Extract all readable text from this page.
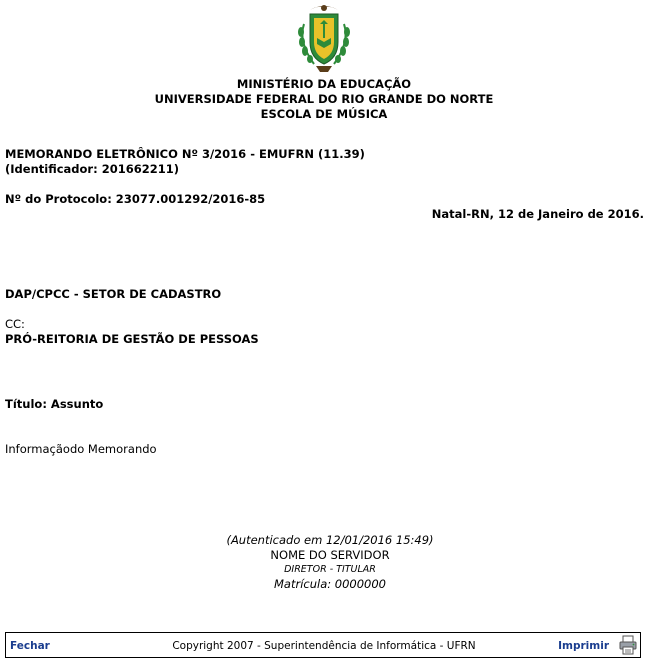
MINISTÉRIO DA EDUCAÇÃO
UNIVERSIDADE FEDERAL DO RIO GRANDE DO NORTE
ESCOLA DE MÚSICA
MEMORANDO ELETRÔNICO Nº 3/2016 - EMUFRN (11.39)
(Identificador: 201662211)
Nº do Protocolo: 23077.001292/2016-85
Natal-RN, 12 de Janeiro de 2016.
DAP/CPCC - SETOR DE CADASTRO
CC:
PRÓ-REITORIA DE GESTÃO DE PESSOAS
Título: Assunto
Informaçãodo Memorando
(Autenticado em 12/01/2016 15:49)
NOME DO SERVIDOR
DIRETOR - TITULAR
Matrícula: 0000000
Fechar	Copyright 2007 - Superintendência de Informática - UFRN	Imprimir
